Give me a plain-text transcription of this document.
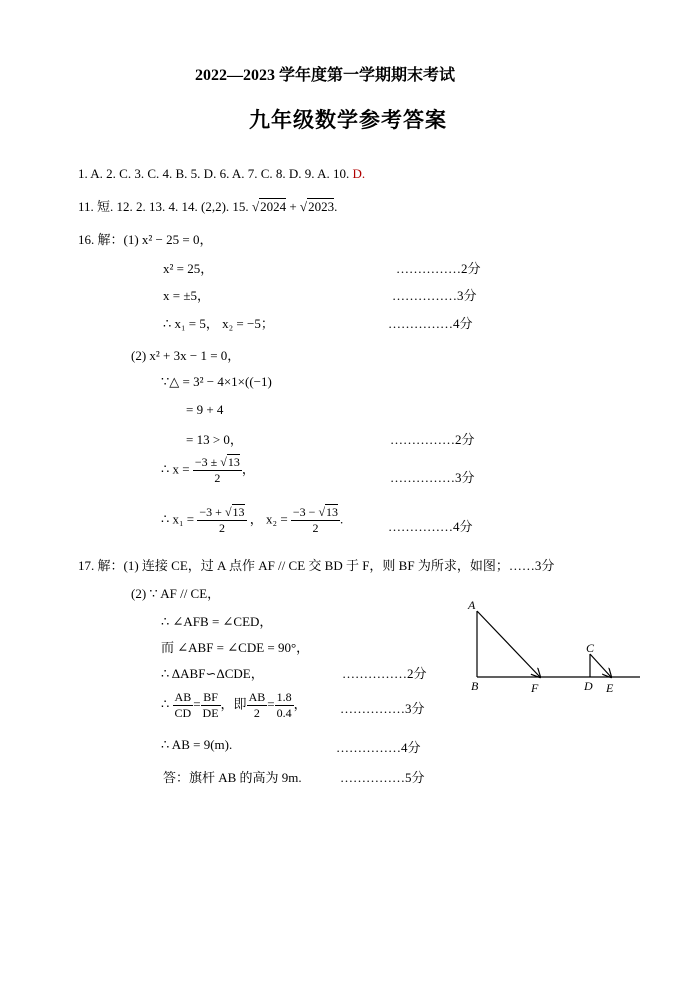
2022—2023 学年度第一学期期末考试
九年级数学参考答案
1. A. 2. C. 3. C. 4. B. 5. D. 6. A. 7. C. 8. D. 9. A. 10. D.
11. 短. 12. 2. 13. 4. 14. (2,2). 15. √2024 + √2023.
16. 解：(1) x² − 25 = 0，
x² = 25，	……………2分
x = ±5，	……………3分
∴ x₁ = 5， x₂ = −5；	……………4分
(2) x² + 3x − 1 = 0，
∵△ = 3² − 4×1×((−1)
= 9 + 4
= 13 > 0，	……………2分
∴ $x = \frac{-3 \pm √13}{2}$ ，
……………3分
∴ $x_1 = \frac{-3 + √13}{2}$ ， $x_2 = \frac{-3 - √13}{2}$ .
……………4分
17. 解：(1) 连接 CE，过 A 点作 AF // CE 交 BD 于 F，则 BF 为所求，如图；……3分
(2) ∵ AF // CE，
∴ ∠AFB = ∠CED，
而 ∠ABF = ∠CDE = 90°，
∴ ΔABF∽ΔCDE，	……………2分
∴ $\frac{AB}{CD} = \frac{BF}{DE}$ ，即 $\frac{AB}{2} = \frac{1.8}{0.4}$ ，	……………3分
∴ AB = 9(m).	……………4分
答：旗杆 AB 的高为 9m.	……………5分
A
B	F
C
D E
